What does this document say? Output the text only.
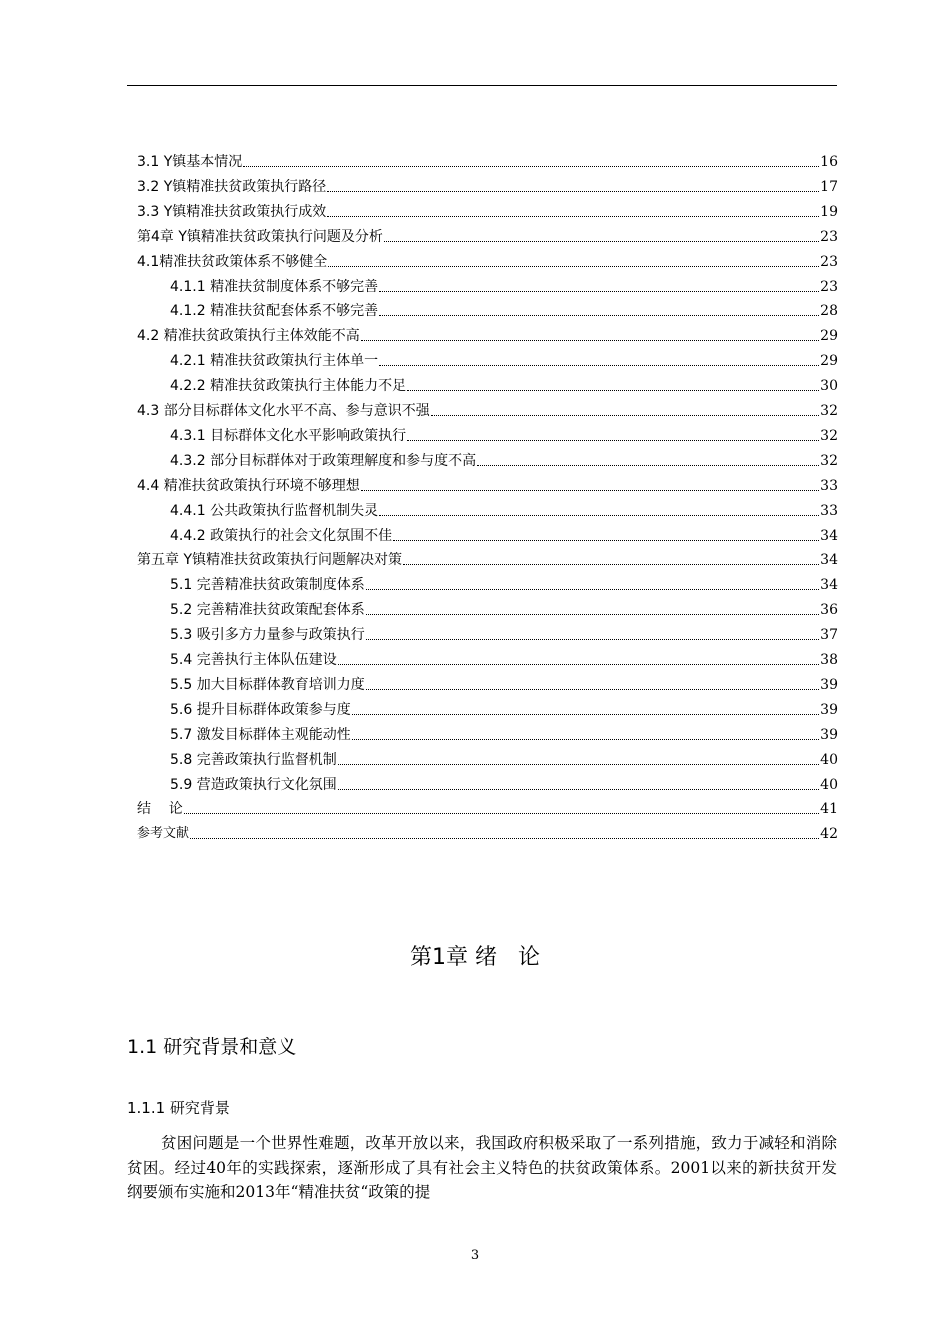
3.1 Y镇基本情况	16
3.2 Y镇精准扶贫政策执行路径	17
3.3 Y镇精准扶贫政策执行成效	19
第4章 Y镇精准扶贫政策执行问题及分析	23
4.1精准扶贫政策体系不够健全	23
4.1.1 精准扶贫制度体系不够完善	23
4.1.2 精准扶贫配套体系不够完善	28
4.2 精准扶贫政策执行主体效能不高	29
4.2.1 精准扶贫政策执行主体单一	29
4.2.2 精准扶贫政策执行主体能力不足	30
4.3 部分目标群体文化水平不高、参与意识不强	32
4.3.1 目标群体文化水平影响政策执行	32
4.3.2 部分目标群体对于政策理解度和参与度不高	32
4.4 精准扶贫政策执行环境不够理想	33
4.4.1 公共政策执行监督机制失灵	33
4.4.2 政策执行的社会文化氛围不佳	34
第五章 Y镇精准扶贫政策执行问题解决对策	34
5.1 完善精准扶贫政策制度体系	34
5.2 完善精准扶贫政策配套体系	36
5.3 吸引多方力量参与政策执行	37
5.4 完善执行主体队伍建设	38
5.5 加大目标群体教育培训力度	39
5.6 提升目标群体政策参与度	39
5.7 激发目标群体主观能动性	39
5.8 完善政策执行监督机制	40
5.9 营造政策执行文化氛围	40
结    论	41
参考文献	42
第1章 绪   论
1.1 研究背景和意义
1.1.1 研究背景
贫困问题是一个世界性难题，改革开放以来，我国政府积极采取了一系列措施，致力于减轻和消除贫困。经过40年的实践探索，逐渐形成了具有社会主义特色的扶贫政策体系。2001以来的新扶贫开发纲要颁布实施和2013年“精准扶贫“政策的提
3
